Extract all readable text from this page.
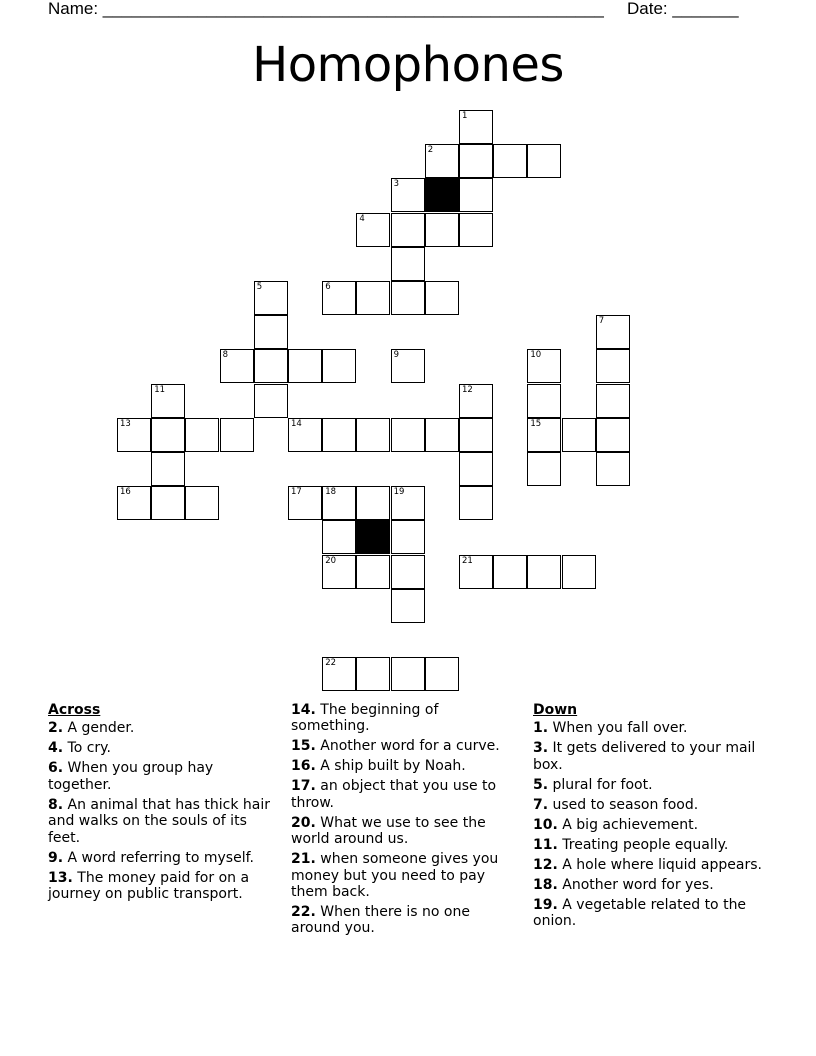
Name: _____________________________________________________ Date: _______
Homophones
1
2
3
4
5	6
7
8	9	10
11	12
13	14	15
16	17	18	19
20	21
22
Across
2. A gender.
4. To cry.
6. When you group hay together.
8. An animal that has thick hair and walks on the souls of its feet.
9. A word referring to myself.
13. The money paid for on a journey on public transport.
14. The beginning of something.
15. Another word for a curve.
16. A ship built by Noah.
17. an object that you use to throw.
20. What we use to see the world around us.
21. when someone gives you money but you need to pay them back.
22. When there is no one around you.
Down
1. When you fall over.
3. It gets delivered to your mail box.
5. plural for foot.
7. used to season food.
10. A big achievement.
11. Treating people equally.
12. A hole where liquid appears.
18. Another word for yes.
19. A vegetable related to the onion.
